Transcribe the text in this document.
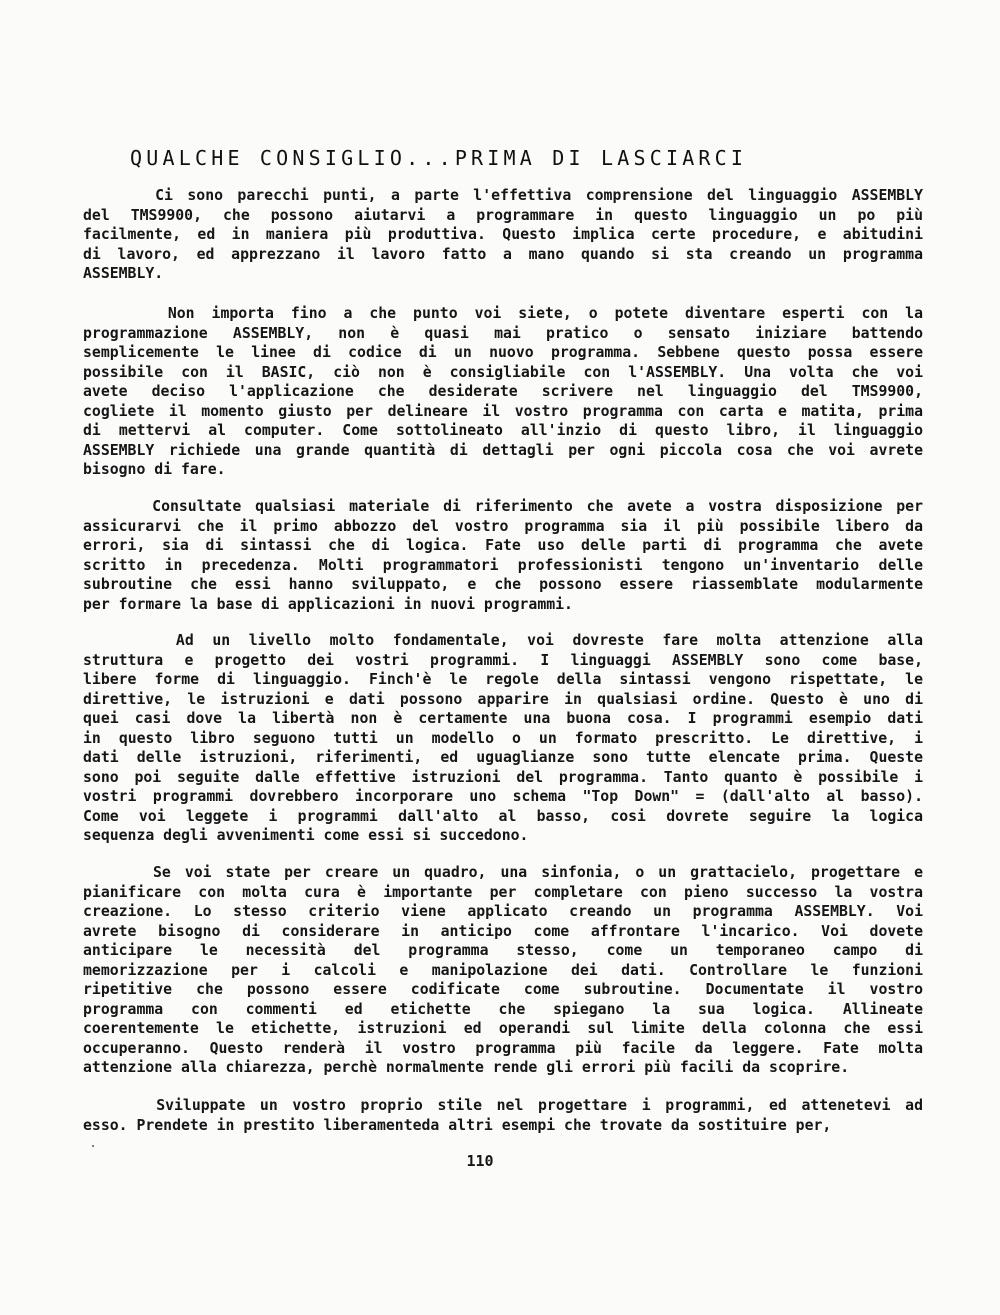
QUALCHE CONSIGLIO...PRIMA DI LASCIARCI
Ci sono parecchi punti, a parte l'effettiva comprensione del linguaggio ASSEMBLY
del TMS9900, che possono aiutarvi a programmare in questo linguaggio un po più
facilmente, ed in maniera più produttiva. Questo implica certe procedure, e abitudini
di lavoro, ed apprezzano il lavoro fatto a mano quando si sta creando un programma
ASSEMBLY.
Non importa fino a che punto voi siete, o potete diventare esperti con la
programmazione ASSEMBLY, non è quasi mai pratico o sensato iniziare battendo
semplicemente le linee di codice di un nuovo programma. Sebbene questo possa essere
possibile con il BASIC, ciò non è consigliabile con l'ASSEMBLY. Una volta che voi
avete deciso l'applicazione che desiderate scrivere nel linguaggio del TMS9900,
cogliete il momento giusto per delineare il vostro programma con carta e matita, prima
di mettervi al computer. Come sottolineato all'inzio di questo libro, il linguaggio
ASSEMBLY richiede una grande quantità di dettagli per ogni piccola cosa che voi avrete
bisogno di fare.
Consultate qualsiasi materiale di riferimento che avete a vostra disposizione per
assicurarvi che il primo abbozzo del vostro programma sia il più possibile libero da
errori, sia di sintassi che di logica. Fate uso delle parti di programma che avete
scritto in precedenza. Molti programmatori professionisti tengono un'inventario delle
subroutine che essi hanno sviluppato, e che possono essere riassemblate modularmente
per formare la base di applicazioni in nuovi programmi.
Ad un livello molto fondamentale, voi dovreste fare molta attenzione alla
struttura e progetto dei vostri programmi. I linguaggi ASSEMBLY sono come base,
libere forme di linguaggio. Finch'è le regole della sintassi vengono rispettate, le
direttive, le istruzioni e dati possono apparire in qualsiasi ordine. Questo è uno di
quei casi dove la libertà non è certamente una buona cosa. I programmi esempio dati
in questo libro seguono tutti un modello o un formato prescritto. Le direttive, i
dati delle istruzioni, riferimenti, ed uguaglianze sono tutte elencate prima. Queste
sono poi seguite dalle effettive istruzioni del programma. Tanto quanto è possibile i
vostri programmi dovrebbero incorporare uno schema "Top Down" = (dall'alto al basso).
Come voi leggete i programmi dall'alto al basso, cosi dovrete seguire la logica
sequenza degli avvenimenti come essi si succedono.
Se voi state per creare un quadro, una sinfonia, o un grattacielo, progettare e
pianificare con molta cura è importante per completare con pieno successo la vostra
creazione. Lo stesso criterio viene applicato creando un programma ASSEMBLY. Voi
avrete bisogno di considerare in anticipo come affrontare l'incarico. Voi dovete
anticipare le necessità del programma stesso, come un temporaneo campo di
memorizzazione per i calcoli e manipolazione dei dati. Controllare le funzioni
ripetitive che possono essere codificate come subroutine. Documentate il vostro
programma con commenti ed etichette che spiegano la sua logica. Allineate
coerentemente le etichette, istruzioni ed operandi sul limite della colonna che essi
occuperanno. Questo renderà il vostro programma più facile da leggere. Fate molta
attenzione alla chiarezza, perchè normalmente rende gli errori più facili da scoprire.
Sviluppate un vostro proprio stile nel progettare i programmi, ed attenetevi ad
esso. Prendete in prestito liberamenteda altri esempi che trovate da sostituire per,
110
